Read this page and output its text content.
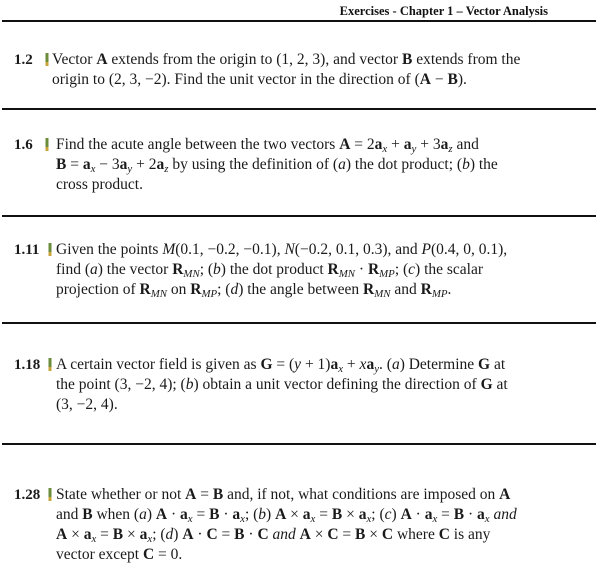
Exercises - Chapter 1 – Vector Analysis
1.2 Vector A extends from the origin to (1, 2, 3), and vector B extends from the
origin to (2, 3, −2). Find the unit vector in the direction of (A − B).
1.6 Find the acute angle between the two vectors $A = 2a_x + a_y + 3a_z$ and
$B = a_x - 3a_y + 2a_z$ by using the definition of (a) the dot product; (b) the
cross product.
1.11 Given the points M(0.1, −0.2, −0.1), N(−0.2, 0.1, 0.3), and P(0.4, 0, 0.1),
find (a) the vector $R_{MN}$; (b) the dot product $R_{MN} \cdot R_{MP}$; (c) the scalar
projection of $R_{MN}$ on $R_{MP}$; (d) the angle between $R_{MN}$ and $R_{MP}$.
1.18 A certain vector field is given as $G = (y + 1)a_x + xa_y$. (a) Determine G at
the point (3, −2, 4); (b) obtain a unit vector defining the direction of G at
(3, −2, 4).
1.28 State whether or not A = B and, if not, what conditions are imposed on A
and B when (a) $A \cdot a_x = B \cdot a_x$; (b) $A \times a_x = B \times a_x$; (c) $A \cdot a_x = B \cdot a_x$ and
$A \times a_x = B \times a_x$; (d) A · C = B · C and A × C = B × C where C is any
vector except C = 0.
